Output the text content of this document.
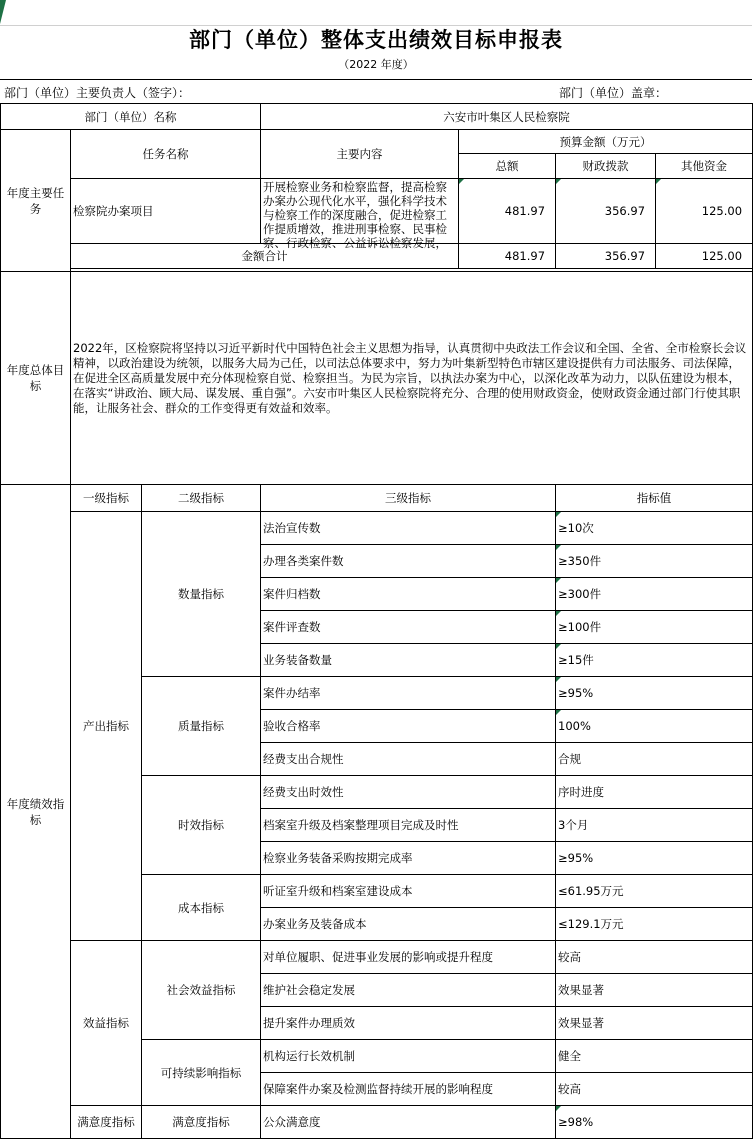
部门（单位）整体支出绩效目标申报表
（2022 年度）
部门（单位）主要负责人（签字）：	部门（单位）盖章：
部门（单位）名称		六安市叶集区人民检察院			
年度主要任务	任务名称	主要内容	预算金额（万元）		
			总额	财政拨款	其他资金
	检察院办案项目	开展检察业务和检察监督，提高检察办案办公现代化水平，强化科学技术与检察工作的深度融合，促进检察工作提质增效，推进刑事检察、民事检察、行政检察、公益诉讼检察发展，	481.97	356.97	125.00
	金额合计		481.97	356.97	125.00

年度总体目标	2022年，区检察院将坚持以习近平新时代中国特色社会主义思想为指导，认真贯彻中央政法工作会议和全国、全省、全市检察长会议精神，以政治建设为统领，以服务大局为己任，以司法总体要求中，努力为叶集新型特色市辖区建设提供有力司法服务、司法保障，在促进全区高质量发展中充分体现检察自觉、检察担当。为民为宗旨，以执法办案为中心，以深化改革为动力，以队伍建设为根本，在落实“讲政治、顾大局、谋发展、重自强”。六安市叶集区人民检察院将充分、合理的使用财政资金，使财政资金通过部门行使其职能，让服务社会、群众的工作变得更有效益和效率。				
年度绩效指标	一级指标	二级指标	三级指标	指标值
	产出指标	数量指标	法治宣传数	≥10次
			办理各类案件数	≥350件
			案件归档数	≥300件
			案件评查数	≥100件
			业务装备数量	≥15件
		质量指标	案件办结率	≥95%
			验收合格率	100%
			经费支出合规性	合规
		时效指标	经费支出时效性	序时进度
			档案室升级及档案整理项目完成及时性	3个月
			检察业务装备采购按期完成率	≥95%
		成本指标	听证室升级和档案室建设成本	≤61.95万元
			办案业务及装备成本	≤129.1万元
	效益指标	社会效益指标	对单位履职、促进事业发展的影响或提升程度	较高
			维护社会稳定发展	效果显著
			提升案件办理质效	效果显著
		可持续影响指标	机构运行长效机制	健全
			保障案件办案及检测监督持续开展的影响程度	较高
	满意度指标	满意度指标	公众满意度	≥98%
